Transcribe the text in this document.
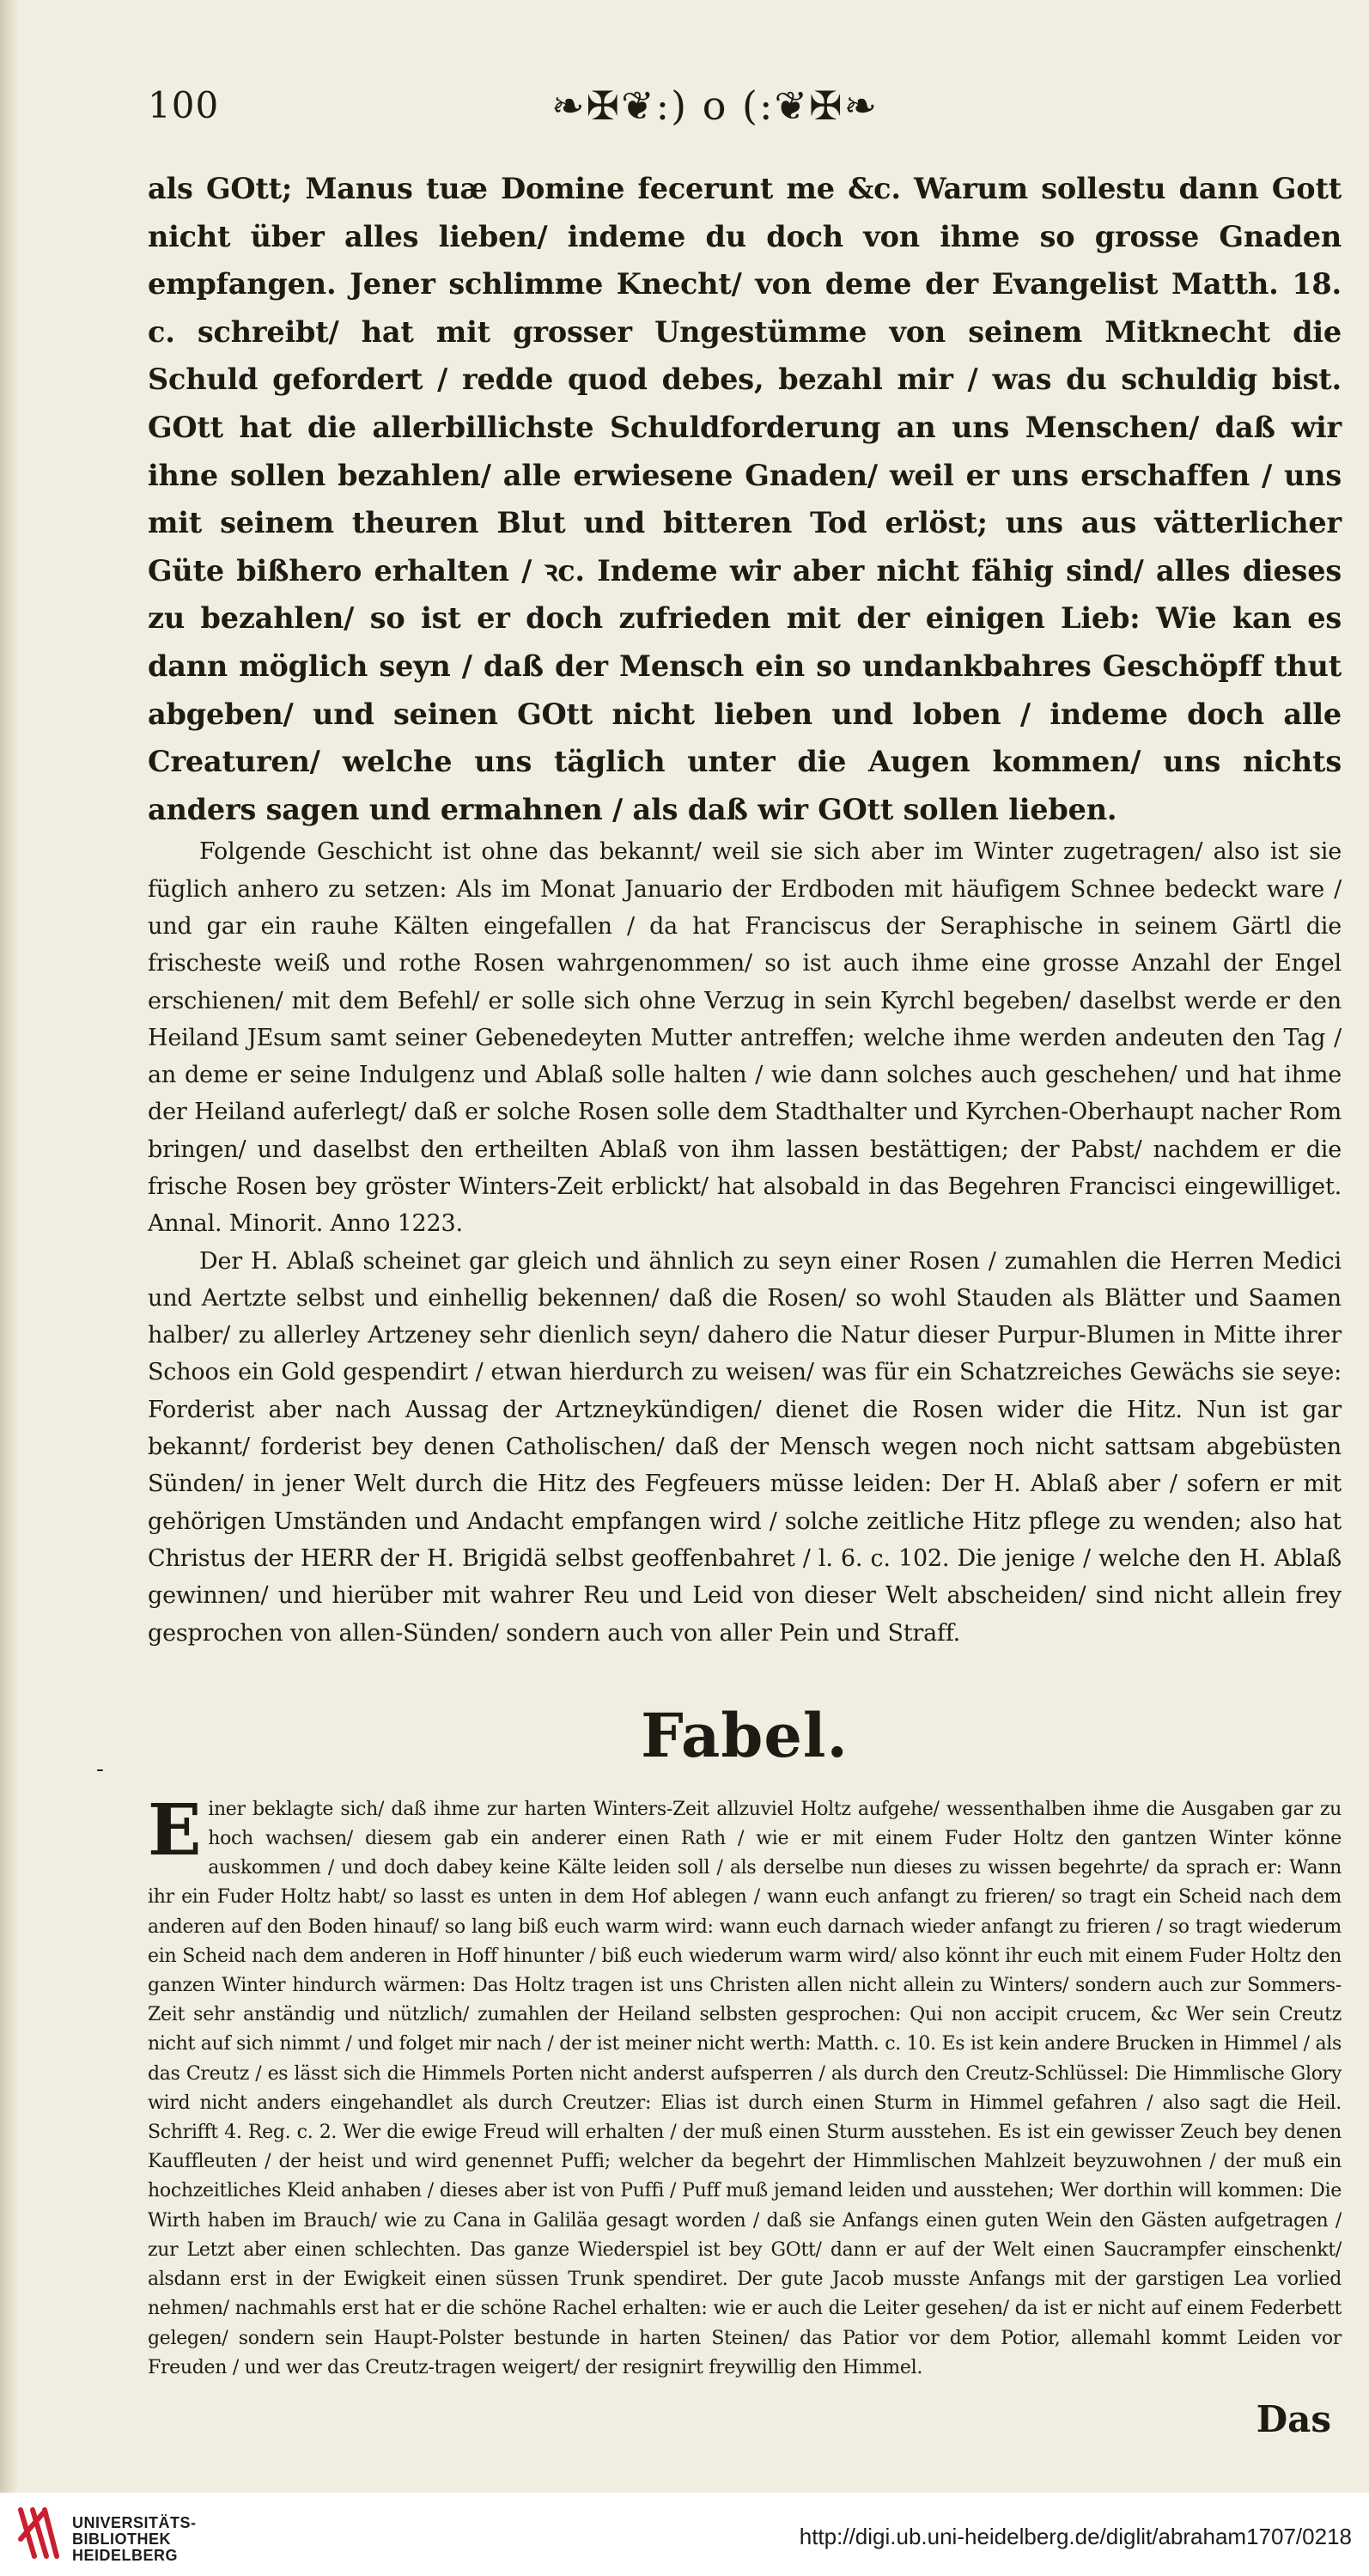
100	❧✠❦:) o (:❦✠❧

als GOtt; Manus tuæ Domine fecerunt me &c. Warum sollestu dann Gott nicht über alles lieben/ indeme du doch von ihme so grosse Gnaden empfangen. Jener schlimme Knecht/ von deme der Evangelist Matth. 18. c. schreibt/ hat mit grosser Ungestümme von seinem Mitknecht die Schuld gefordert / redde quod debes, bezahl mir / was du schuldig bist. GOtt hat die allerbillichste Schuldforderung an uns Menschen/ daß wir ihne sollen bezahlen/ alle erwiesene Gnaden/ weil er uns erschaffen / uns mit seinem theuren Blut und bitteren Tod erlöst; uns aus vätterlicher Güte bißhero erhalten / ꝛc. Indeme wir aber nicht fähig sind/ alles dieses zu bezahlen/ so ist er doch zufrieden mit der einigen Lieb: Wie kan es dann möglich seyn / daß der Mensch ein so undankbahres Geschöpff thut abgeben/ und seinen GOtt nicht lieben und loben / indeme doch alle Creaturen/ welche uns täglich unter die Augen kommen/ uns nichts anders sagen und ermahnen / als daß wir GOtt sollen lieben.

Folgende Geschicht ist ohne das bekannt/ weil sie sich aber im Winter zugetragen/ also ist sie füglich anhero zu setzen: Als im Monat Januario der Erdboden mit häufigem Schnee bedeckt ware / und gar ein rauhe Kälten eingefallen / da hat Franciscus der Seraphische in seinem Gärtl die frischeste weiß und rothe Rosen wahrgenommen/ so ist auch ihme eine grosse Anzahl der Engel erschienen/ mit dem Befehl/ er solle sich ohne Verzug in sein Kyrchl begeben/ daselbst werde er den Heiland JEsum samt seiner Gebenedeyten Mutter antreffen; welche ihme werden andeuten den Tag / an deme er seine Indulgenz und Ablaß solle halten / wie dann solches auch geschehen/ und hat ihme der Heiland auferlegt/ daß er solche Rosen solle dem Stadthalter und Kyrchen-Oberhaupt nacher Rom bringen/ und daselbst den ertheilten Ablaß von ihm lassen bestättigen; der Pabst/ nachdem er die frische Rosen bey gröster Winters-Zeit erblickt/ hat alsobald in das Begehren Francisci eingewilliget. Annal. Minorit. Anno 1223.

Der H. Ablaß scheinet gar gleich und ähnlich zu seyn einer Rosen / zumahlen die Herren Medici und Aertzte selbst und einhellig bekennen/ daß die Rosen/ so wohl Stauden als Blätter und Saamen halber/ zu allerley Artzeney sehr dienlich seyn/ dahero die Natur dieser Purpur-Blumen in Mitte ihrer Schoos ein Gold gespendirt / etwan hierdurch zu weisen/ was für ein Schatzreiches Gewächs sie seye: Forderist aber nach Aussag der Artzneykündigen/ dienet die Rosen wider die Hitz. Nun ist gar bekannt/ forderist bey denen Catholischen/ daß der Mensch wegen noch nicht sattsam abgebüsten Sünden/ in jener Welt durch die Hitz des Fegfeuers müsse leiden: Der H. Ablaß aber / sofern er mit gehörigen Umständen und Andacht empfangen wird / solche zeitliche Hitz pflege zu wenden; also hat Christus der HERR der H. Brigidä selbst geoffenbahret / l. 6. c. 102. Die jenige / welche den H. Ablaß gewinnen/ und hierüber mit wahrer Reu und Leid von dieser Welt abscheiden/ sind nicht allein frey gesprochen von allen-Sünden/ sondern auch von aller Pein und Straff.

Fabel.
E iner beklagte sich/ daß ihme zur harten Winters-Zeit allzuviel Holtz aufgehe/ wessenthalben ihme die Ausgaben gar zu hoch wachsen/ diesem gab ein anderer einen Rath / wie er mit einem Fuder Holtz den gantzen Winter könne auskommen / und doch dabey keine Kälte leiden soll / als derselbe nun dieses zu wissen begehrte/ da sprach er: Wann ihr ein Fuder Holtz habt/ so lasst es unten in dem Hof ablegen / wann euch anfangt zu frieren/ so tragt ein Scheid nach dem anderen auf den Boden hinauf/ so lang biß euch warm wird: wann euch darnach wieder anfangt zu frieren / so tragt wiederum ein Scheid nach dem anderen in Hoff hinunter / biß euch wiederum warm wird/ also könnt ihr euch mit einem Fuder Holtz den ganzen Winter hindurch wärmen: Das Holtz tragen ist uns Christen allen nicht allein zu Winters/ sondern auch zur Sommers-Zeit sehr anständig und nützlich/ zumahlen der Heiland selbsten gesprochen: Qui non accipit crucem, &c Wer sein Creutz nicht auf sich nimmt / und folget mir nach / der ist meiner nicht werth: Matth. c. 10. Es ist kein andere Brucken in Himmel / als das Creutz / es lässt sich die Himmels Porten nicht anderst aufsperren / als durch den Creutz-Schlüssel: Die Himmlische Glory wird nicht anders eingehandlet als durch Creutzer: Elias ist durch einen Sturm in Himmel gefahren / also sagt die Heil. Schrifft 4. Reg. c. 2. Wer die ewige Freud will erhalten / der muß einen Sturm ausstehen. Es ist ein gewisser Zeuch bey denen Kauffleuten / der heist und wird genennet Puffi; welcher da begehrt der Himmlischen Mahlzeit beyzuwohnen / der muß ein hochzeitliches Kleid anhaben / dieses aber ist von Puffi / Puff muß jemand leiden und ausstehen; Wer dorthin will kommen: Die Wirth haben im Brauch/ wie zu Cana in Galiläa gesagt worden / daß sie Anfangs einen guten Wein den Gästen aufgetragen / zur Letzt aber einen schlechten. Das ganze Wiederspiel ist bey GOtt/ dann er auf der Welt einen Saucrampfer einschenkt/ alsdann erst in der Ewigkeit einen süssen Trunk spendiret. Der gute Jacob musste Anfangs mit der garstigen Lea vorlied nehmen/ nachmahls erst hat er die schöne Rachel erhalten: wie er auch die Leiter gesehen/ da ist er nicht auf einem Federbett gelegen/ sondern sein Haupt-Polster bestunde in harten Steinen/ das Patior vor dem Potior, allemahl kommt Leiden vor Freuden / und wer das Creutz-tragen weigert/ der resignirt freywillig den Himmel.
Das
-
UNIVERSITÄTS-
BIBLIOTHEK
HEIDELBERG
http://digi.ub.uni-heidelberg.de/diglit/abraham1707/0218
